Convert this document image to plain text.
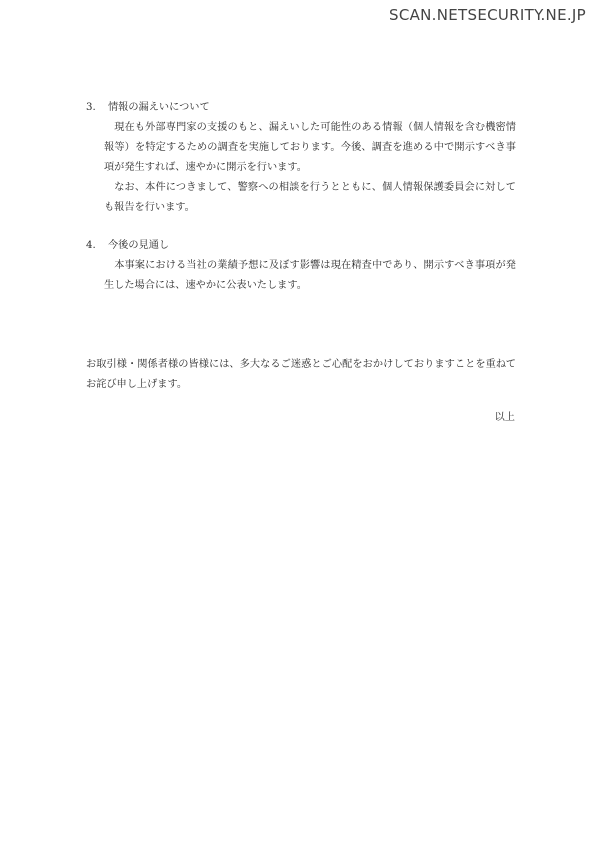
SCAN.NETSECURITY.NE.JP
3.	情報の漏えいについて

現在も外部専門家の支援のもと、漏えいした可能性のある情報（個人情報を含む機密情報等）を特定するための調査を実施しております。今後、調査を進める中で開示すべき事項が発生すれば、速やかに開示を行います。

なお、本件につきまして、警察への相談を行うとともに、個人情報保護委員会に対しても報告を行います。

4.	今後の見通し

本事案における当社の業績予想に及ぼす影響は現在精査中であり、開示すべき事項が発生した場合には、速やかに公表いたします。

お取引様・関係者様の皆様には、多大なるご迷惑とご心配をおかけしておりますことを重ねてお詫び申し上げます。

以上
